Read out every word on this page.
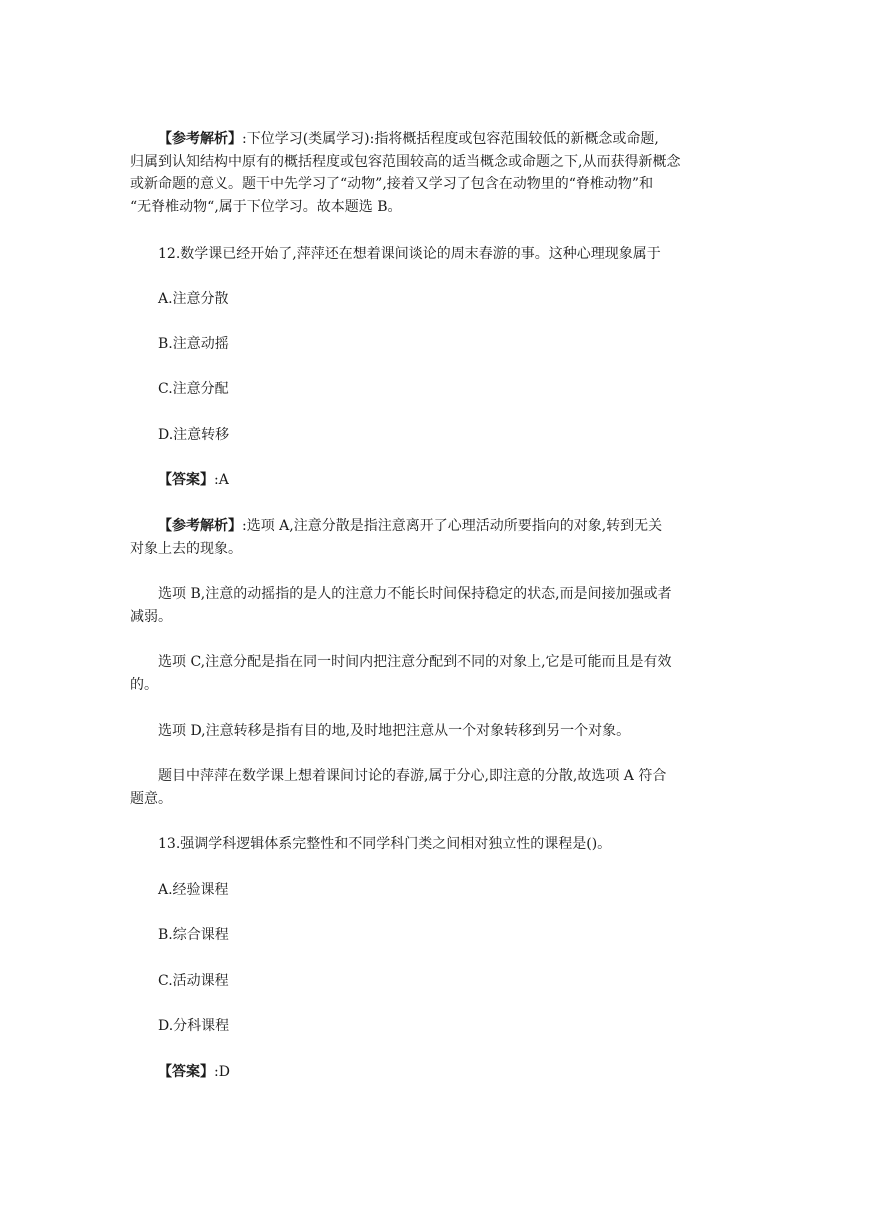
【参考解析】:下位学习(类属学习):指将概括程度或包容范围较低的新概念或命题,
归属到认知结构中原有的概括程度或包容范围较高的适当概念或命题之下,从而获得新概念
或新命题的意义。题干中先学习了“动物”,接着又学习了包含在动物里的“脊椎动物”和
“无脊椎动物“,属于下位学习。故本题选 B。
12.数学课已经开始了,萍萍还在想着课间谈论的周末春游的事。这种心理现象属于
A.注意分散
B.注意动摇
C.注意分配
D.注意转移
【答案】:A
【参考解析】:选项 A,注意分散是指注意离开了心理活动所要指向的对象,转到无关
对象上去的现象。
选项 B,注意的动摇指的是人的注意力不能长时间保持稳定的状态,而是间接加强或者
减弱。
选项 C,注意分配是指在同一时间内把注意分配到不同的对象上,它是可能而且是有效
的。
选项 D,注意转移是指有目的地,及时地把注意从一个对象转移到另一个对象。
题目中萍萍在数学课上想着课间讨论的春游,属于分心,即注意的分散,故选项 A 符合
题意。
13.强调学科逻辑体系完整性和不同学科门类之间相对独立性的课程是()。
A.经验课程
B.综合课程
C.活动课程
D.分科课程
【答案】:D
